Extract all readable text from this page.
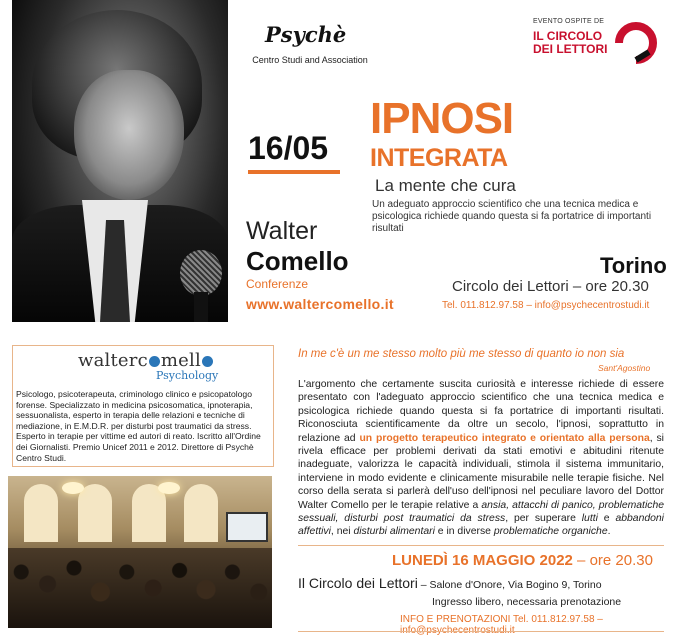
Psychè
Centro Studi and Association
EVENTO OSPITE DE
IL CIRCOLO DEI LETTORI
16/05
IPNOSI
INTEGRATA
La mente che cura
Un adeguato approccio scientifico che una tecnica medica e psicologica richiede quando questa si fa portatrice di importanti risultati
Walter
Comello
Conferenze
www.waltercomello.it
Torino
Circolo dei Lettori – ore 20.30
Tel. 011.812.97.58 – info@psychecentrostudi.it
walterc mell
Psychology
Psicologo, psicoterapeuta, criminologo clinico e psicopatologo forense. Specializzato in medicina psicosomatica, ipnoterapia, sessuonalista, esperto in terapia delle relazioni e tecniche di mediazione, in E.M.D.R. per disturbi post traumatici da stress. Esperto in terapie per vittime ed autori di reato. Iscritto all'Ordine dei Giornalisti. Premio Unicef 2011 e 2012. Direttore di Psychè Centro Studi.
In me c'è un me stesso molto più me stesso di quanto io non sia
Sant'Agostino
L'argomento che certamente suscita curiosità e interesse richiede di essere presentato con l'adeguato approccio scientifico che una tecnica medica e psicologica richiede quando questa si fa portatrice di importanti risultati. Riconosciuta scientificamente da oltre un secolo, l'ipnosi, soprattutto in relazione ad un progetto terapeutico integrato e orientato alla persona, si rivela efficace per problemi derivati da stati emotivi e abitudini ritenute inadeguate, valorizza le capacità individuali, stimola il sistema immunitario, interviene in modo evidente e clinicamente misurabile nelle terapie fisiche. Nel corso della serata si parlerà dell'uso dell'ipnosi nel peculiare lavoro del Dottor Walter Comello per le terapie relative a ansia, attacchi di panico, problematiche sessuali, disturbi post traumatici da stress, per superare lutti e abbandoni affettivi, nei disturbi alimentari e in diverse problematiche organiche.
LUNEDÌ 16 MAGGIO 2022 – ore 20.30
Il Circolo dei Lettori – Salone d'Onore, Via Bogino 9, Torino
Ingresso libero, necessaria prenotazione
INFO E PRENOTAZIONI Tel. 011.812.97.58 –
